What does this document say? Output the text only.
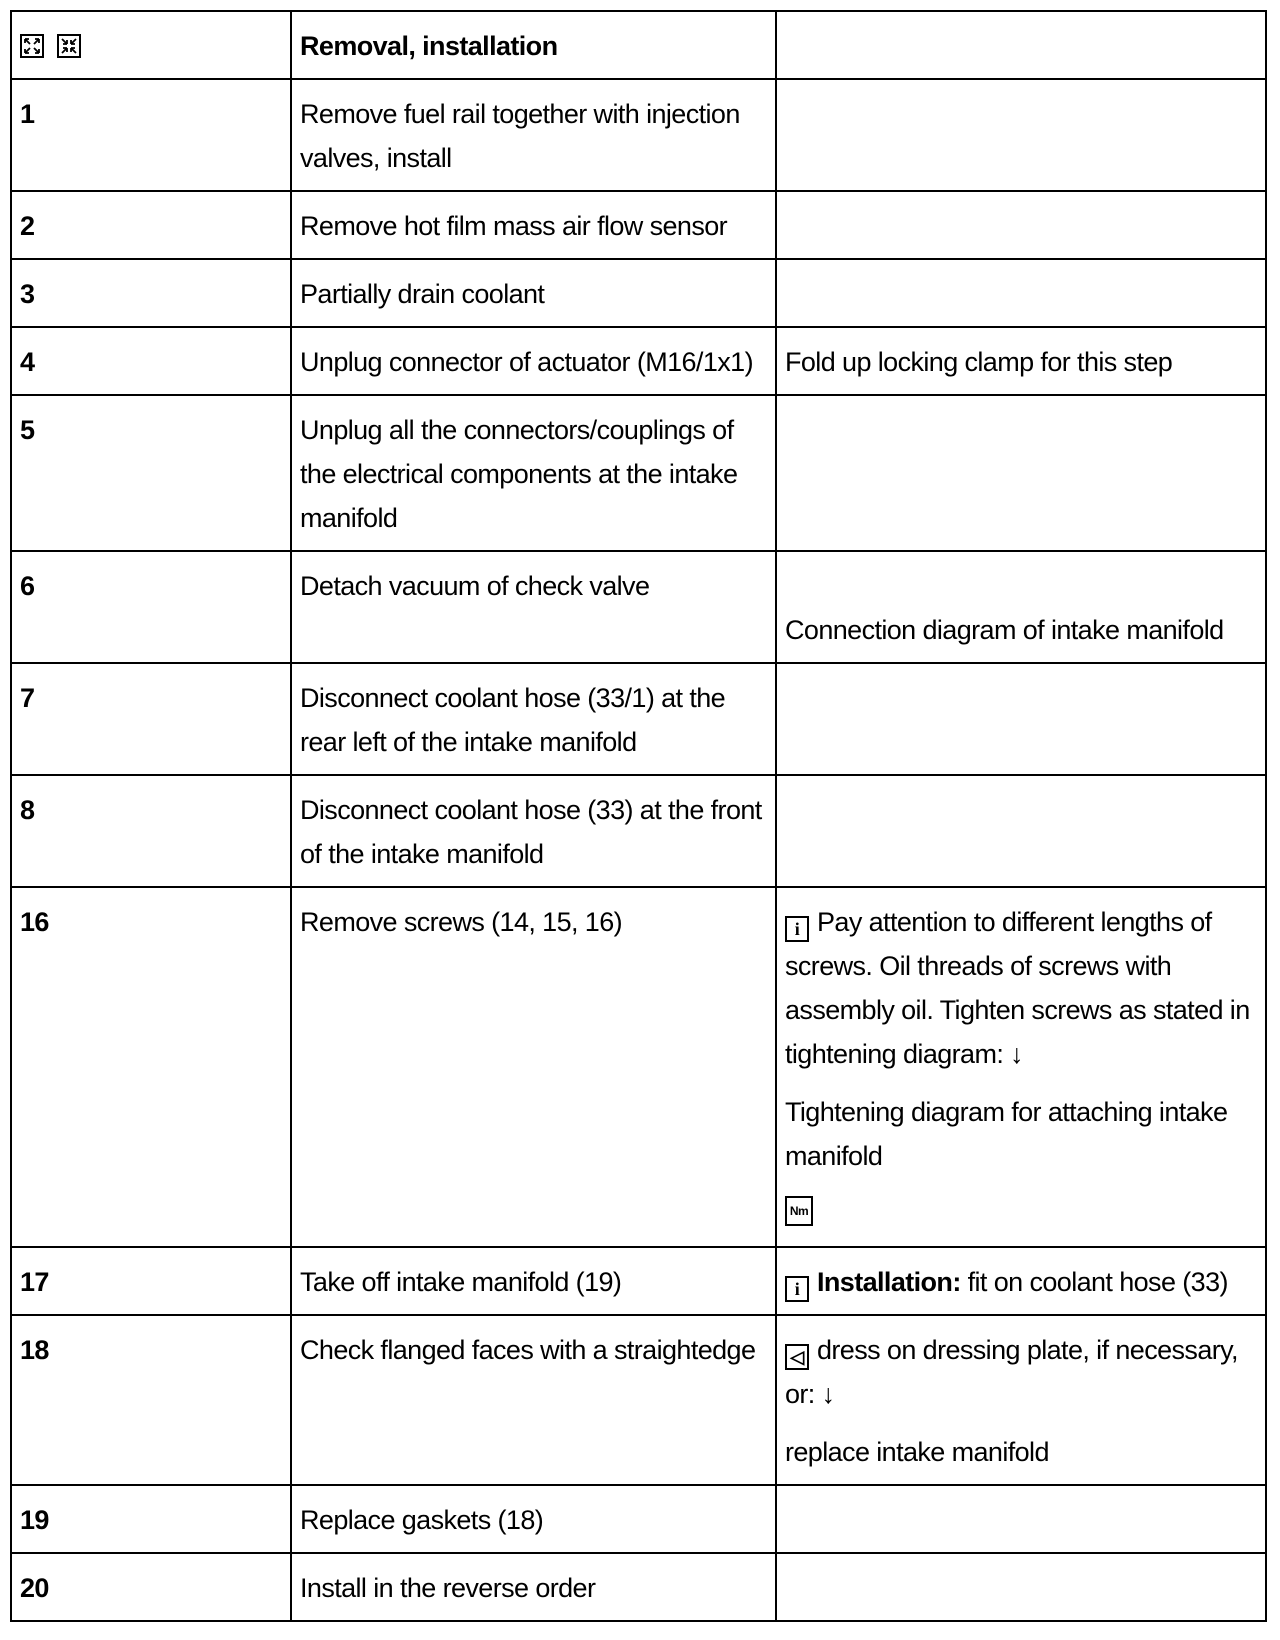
	Removal, installation	
1	Remove fuel rail together with injection valves, install	
2	Remove hot film mass air flow sensor	
3	Partially drain coolant	
4	Unplug connector of actuator (M16/1x1)	Fold up locking clamp for this step
5	Unplug all the connectors/couplings of the electrical components at the intake manifold	
6	Detach vacuum of check valve	Connection diagram of intake manifold

7	Disconnect coolant hose (33/1) at the rear left of the intake manifold	
8	Disconnect coolant hose (33) at the front of the intake manifold	
16	Remove screws (14, 15, 16)	i Pay attention to different lengths of screws. Oil threads of screws with assembly oil. Tighten screws as stated in tightening diagram: ↓
Tightening diagram for attaching intake manifold
Nm

17	Take off intake manifold (19)	i Installation: fit on coolant hose (33)
18	Check flanged faces with a straightedge	◁ dress on dressing plate, if necessary, or: ↓
replace intake manifold

19	Replace gaskets (18)	
20	Install in the reverse order	
